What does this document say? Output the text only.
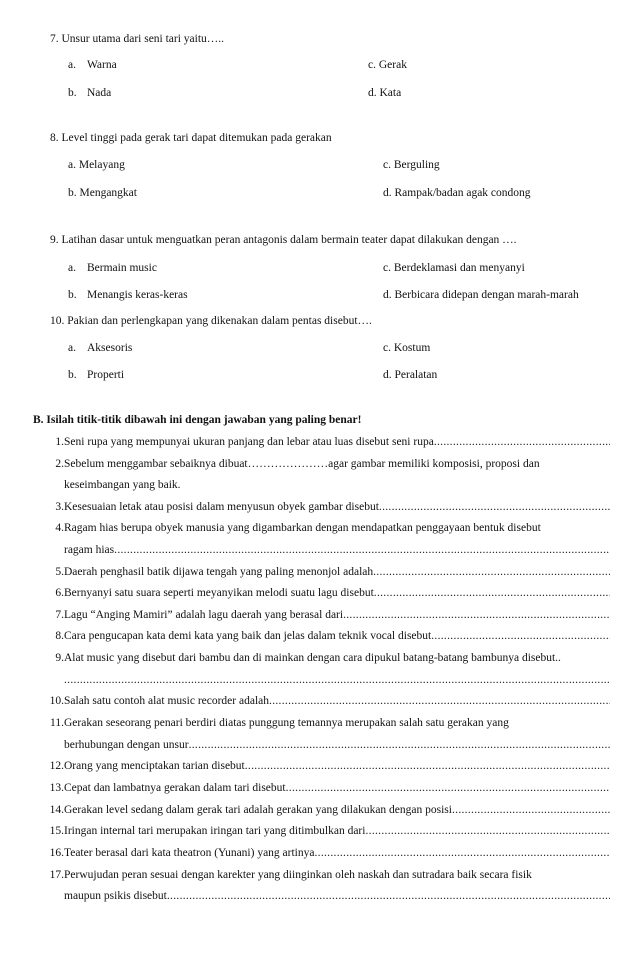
7. Unsur utama dari seni tari yaitu…..
a. Warna	c. Gerak
b. Nada	d. Kata
8. Level tinggi pada gerak tari dapat ditemukan pada gerakan
a. Melayang	c. Berguling
b. Mengangkat	d. Rampak/badan agak condong
9. Latihan dasar untuk menguatkan peran antagonis dalam bermain teater dapat dilakukan dengan ….
a. Bermain music	c. Berdeklamasi dan menyanyi
b. Menangis keras-keras	d. Berbicara didepan dengan marah-marah
10. Pakian dan perlengkapan yang dikenakan dalam pentas disebut….
a. Aksesoris	c. Kostum
b. Properti	d. Peralatan
B. Isilah titik-titik dibawah ini dengan jawaban yang paling benar!
1. Seni rupa yang mempunyai ukuran panjang dan lebar atau luas disebut seni rupa.....
2. Sebelum menggambar sebaiknya dibuat…………………agar gambar memiliki komposisi, proposi dan
keseimbangan yang baik.
3. Kesesuaian letak atau posisi dalam menyusun obyek gambar disebut.....
4. Ragam hias berupa obyek manusia yang digambarkan dengan mendapatkan penggayaan bentuk disebut
ragam hias.....
5. Daerah penghasil batik dijawa tengah yang paling menonjol adalah.....
6. Bernyanyi satu suara seperti meyanyikan melodi suatu lagu disebut.....
7. Lagu “Anging Mamiri” adalah lagu daerah yang berasal dari.....
8. Cara pengucapan kata demi kata yang baik dan jelas dalam teknik vocal disebut.....
9. Alat music yang disebut dari bambu dan di mainkan dengan cara dipukul batang-batang bambunya disebut..
.....
10. Salah satu contoh alat music recorder adalah.....
11. Gerakan seseorang penari berdiri diatas punggung temannya merupakan salah satu gerakan yang
berhubungan dengan unsur.....
12. Orang yang menciptakan tarian disebut.....
13. Cepat dan lambatnya gerakan dalam tari disebut.....
14. Gerakan level sedang dalam gerak tari adalah gerakan yang dilakukan dengan posisi.....
15. Iringan internal tari merupakan iringan tari yang ditimbulkan dari.....
16. Teater berasal dari kata theatron (Yunani) yang artinya.....
17. Perwujudan peran sesuai dengan karekter yang diinginkan oleh naskah dan sutradara baik secara fisik
maupun psikis disebut.....
